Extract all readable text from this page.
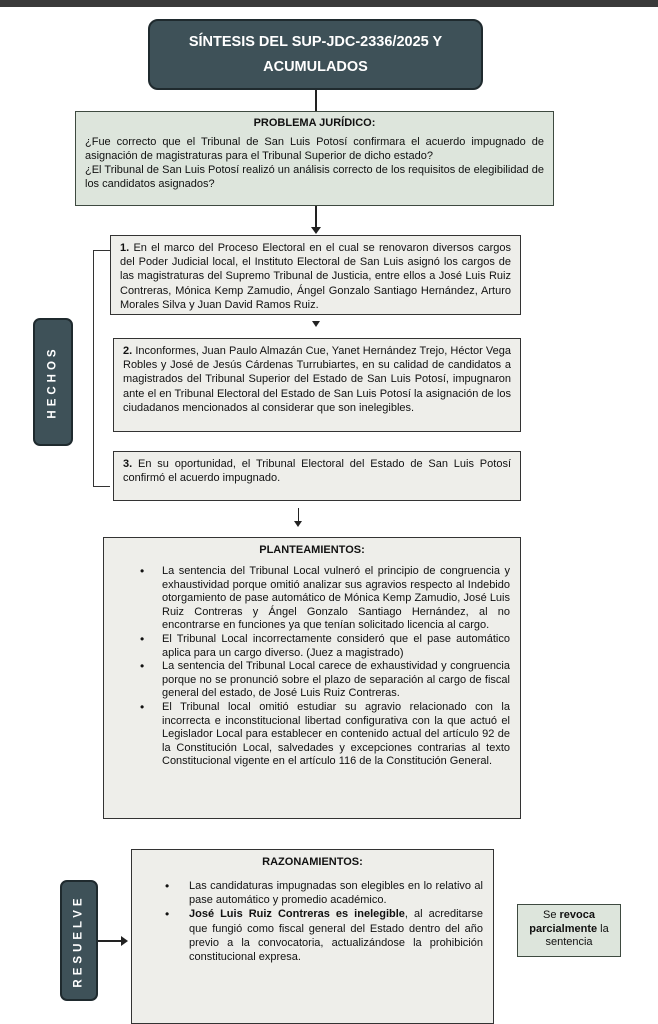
SÍNTESIS DEL SUP-JDC-2336/2025 Y ACUMULADOS
PROBLEMA JURÍDICO:

¿Fue correcto que el Tribunal de San Luis Potosí confirmara el acuerdo impugnado de asignación de magistraturas para el Tribunal Superior de dicho estado?

¿El Tribunal de San Luis Potosí realizó un análisis correcto de los requisitos de elegibilidad de los candidatos asignados?

HECHOS
1. En el marco del Proceso Electoral en el cual se renovaron diversos cargos del Poder Judicial local, el Instituto Electoral de San Luis asignó los cargos de las magistraturas del Supremo Tribunal de Justicia, entre ellos a José Luis Ruiz Contreras, Mónica Kemp Zamudio, Ángel Gonzalo Santiago Hernández, Arturo Morales Silva y Juan David Ramos Ruiz.
2. Inconformes, Juan Paulo Almazán Cue, Yanet Hernández Trejo, Héctor Vega Robles y José de Jesús Cárdenas Turrubiartes, en su calidad de candidatos a magistrados del Tribunal Superior del Estado de San Luis Potosí, impugnaron ante el en Tribunal Electoral del Estado de San Luis Potosí la asignación de los ciudadanos mencionados al considerar que son inelegibles.
3. En su oportunidad, el Tribunal Electoral del Estado de San Luis Potosí confirmó el acuerdo impugnado.
PLANTEAMIENTOS:
• La sentencia del Tribunal Local vulneró el principio de congruencia y exhaustividad porque omitió analizar sus agravios respecto al Indebido otorgamiento de pase automático de Mónica Kemp Zamudio, José Luis Ruiz Contreras y Ángel Gonzalo Santiago Hernández, al no encontrarse en funciones ya que tenían solicitado licencia al cargo.
• El Tribunal Local incorrectamente consideró que el pase automático aplica para un cargo diverso. (Juez a magistrado)
• La sentencia del Tribunal Local carece de exhaustividad y congruencia porque no se pronunció sobre el plazo de separación al cargo de fiscal general del estado, de José Luis Ruiz Contreras.
• El Tribunal local omitió estudiar su agravio relacionado con la incorrecta e inconstitucional libertad configurativa con la que actuó el Legislador Local para establecer en contenido actual del artículo 92 de la Constitución Local, salvedades y excepciones contrarias al texto Constitucional vigente en el artículo 116 de la Constitución General.
RESUELVE
RAZONAMIENTOS:
• Las candidaturas impugnadas son elegibles en lo relativo al pase automático y promedio académico.
• José Luis Ruiz Contreras es inelegible, al acreditarse que fungió como fiscal general del Estado dentro del año previo a la convocatoria, actualizándose la prohibición constitucional expresa.
Se revoca parcialmente la sentencia
